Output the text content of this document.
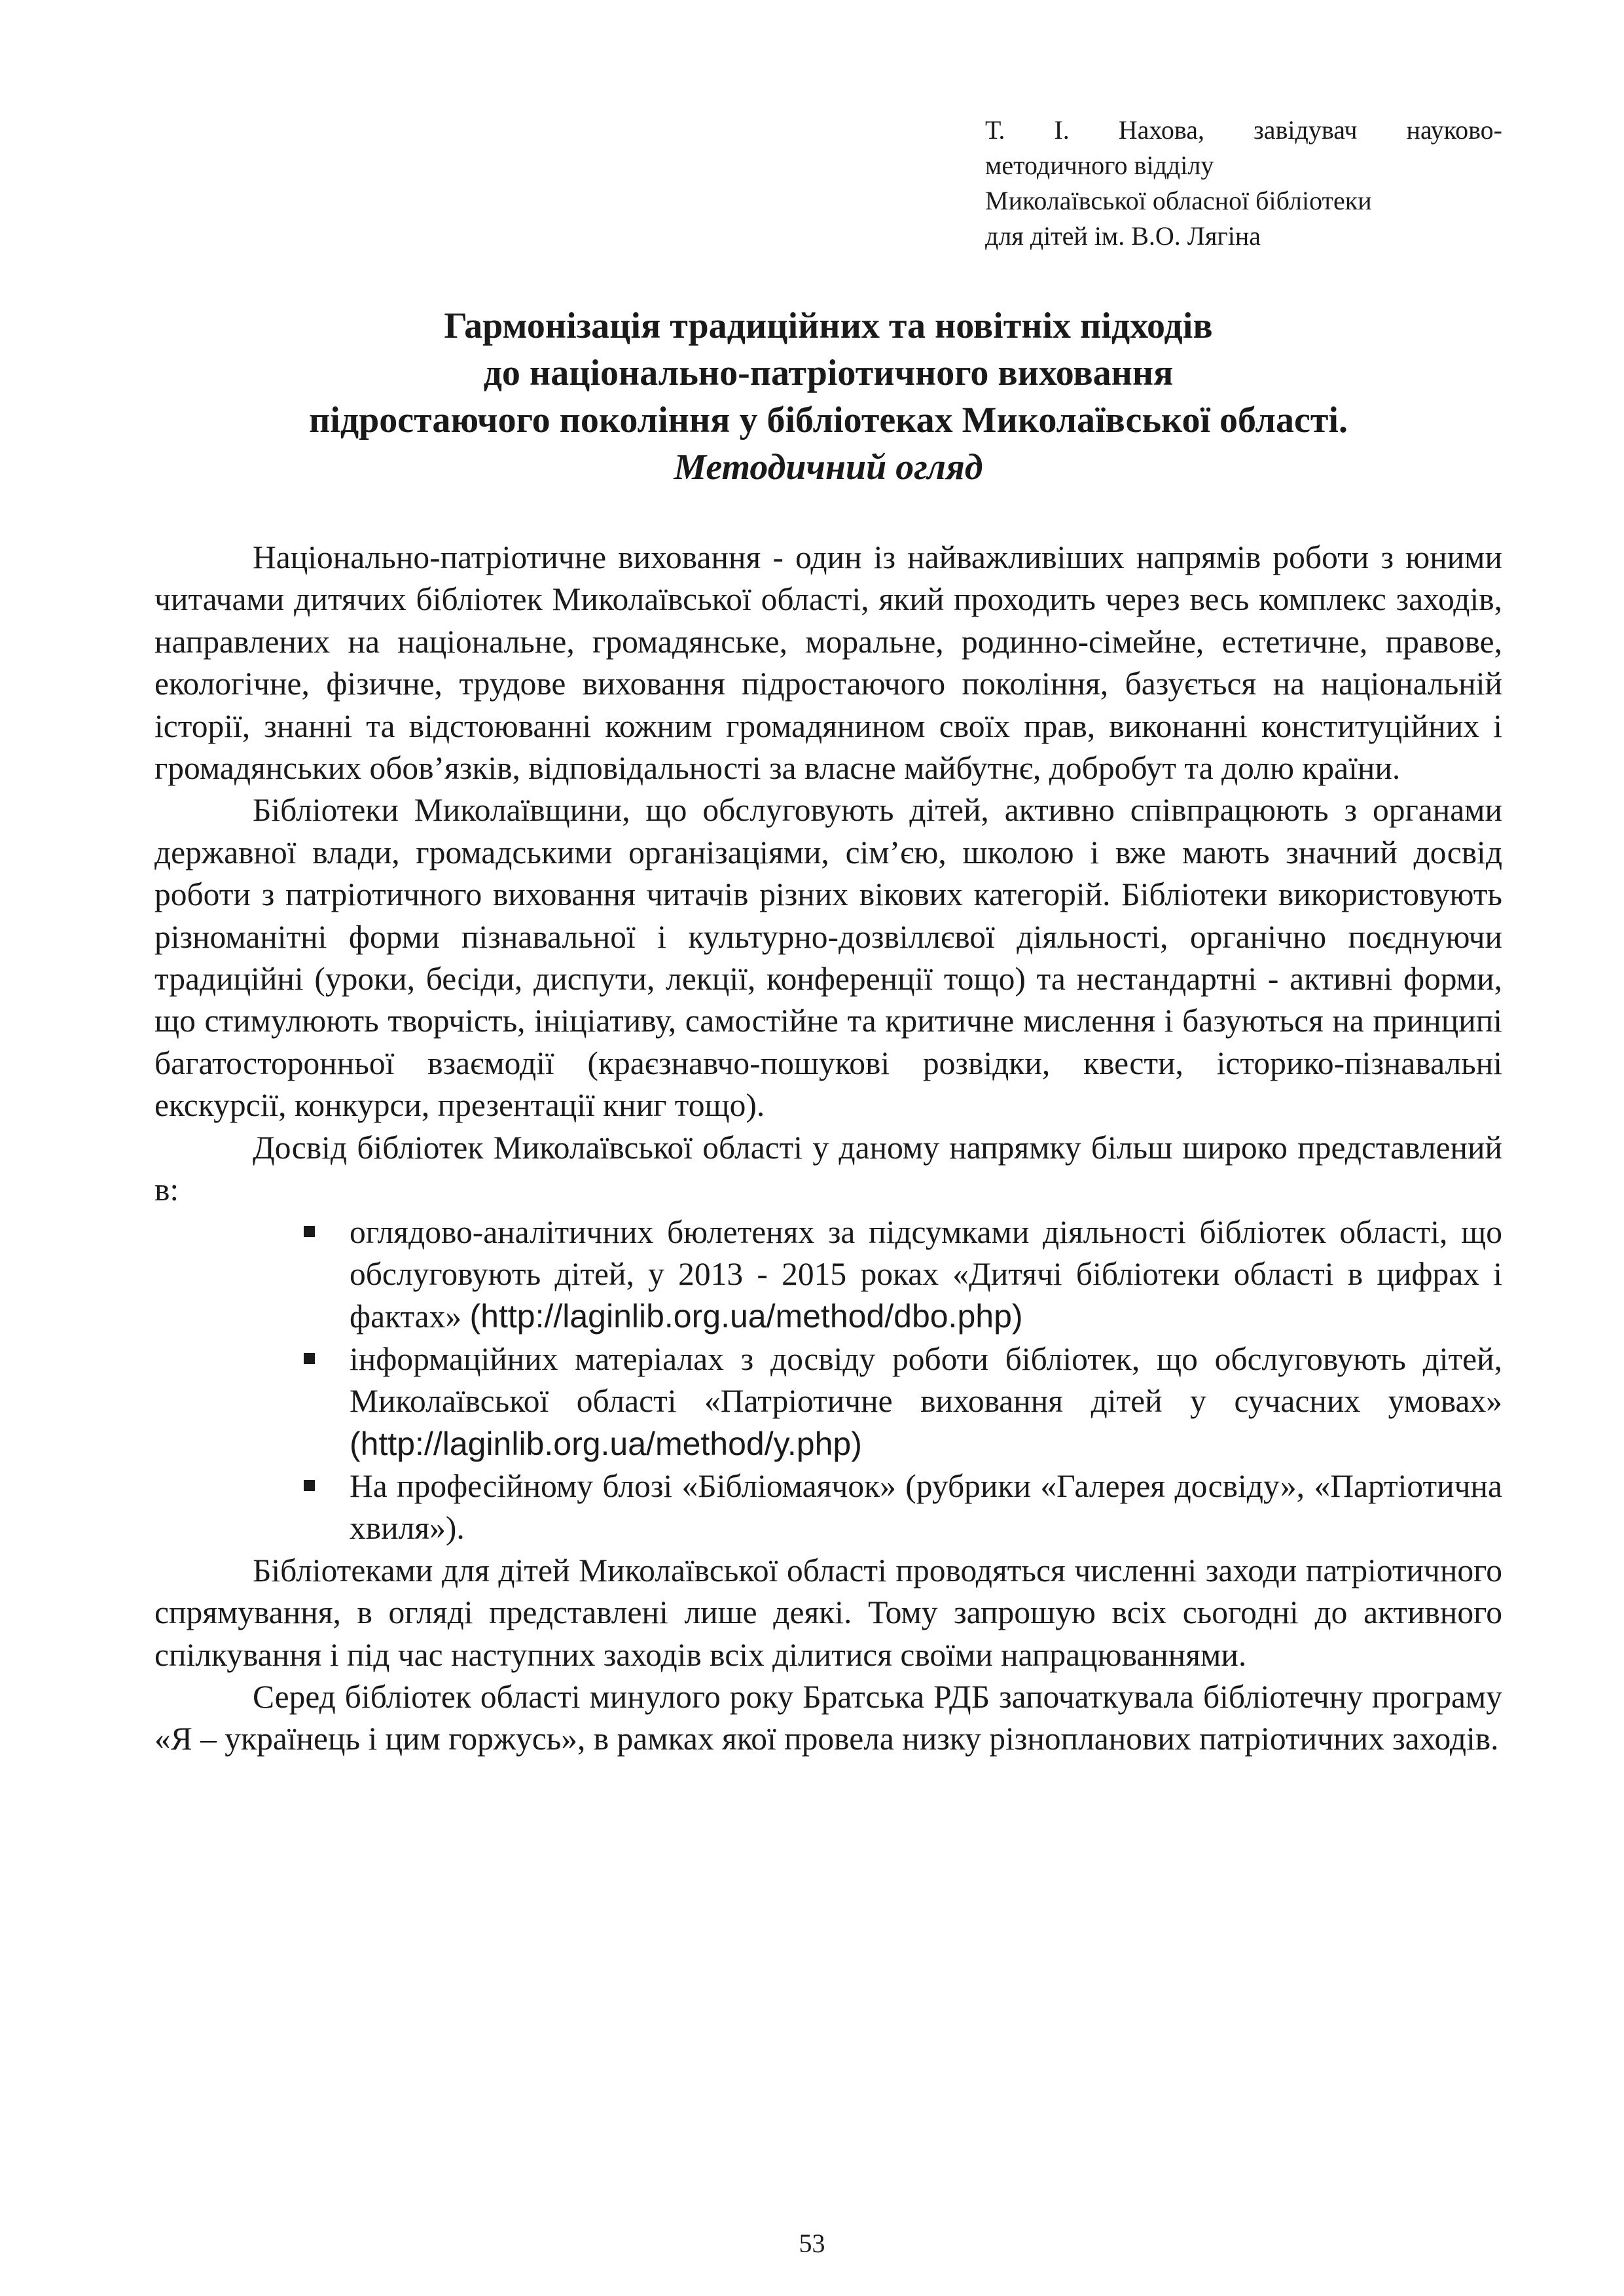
Т. І. Нахова, завідувач науково-

методичного відділу

Миколаївської обласної бібліотеки

для дітей ім. В.О. Лягіна

Гармонізація традиційних та новітніх підходів

до національно-патріотичного виховання

підростаючого покоління у бібліотеках Миколаївської області.

Методичний огляд

Національно-патріотичне виховання - один із найважливіших напрямів роботи з юними читачами дитячих бібліотек Миколаївської області, який проходить через весь комплекс заходів, направлених на національне, громадянське, моральне, родинно-сімейне, естетичне, правове, екологічне, фізичне, трудове виховання підростаючого покоління, базується на національній історії, знанні та відстоюванні кожним громадянином своїх прав, виконанні конституційних і громадянських обов’язків, відповідальності за власне майбутнє, добробут та долю країни.

Бібліотеки Миколаївщини, що обслуговують дітей, активно співпрацюють з органами державної влади, громадськими організаціями, сім’єю, школою і вже мають значний досвід роботи з патріотичного виховання читачів різних вікових категорій. Бібліотеки використовують різноманітні форми пізнавальної і культурно-дозвіллєвої діяльності, органічно поєднуючи традиційні (уроки, бесіди, диспути, лекції, конференції тощо) та нестандартні - активні форми, що стимулюють творчість, ініціативу, самостійне та критичне мислення і базуються на принципі багатосторонньої взаємодії (краєзнавчо-пошукові розвідки, квести, історико-пізнавальні екскурсії, конкурси, презентації книг тощо).

Досвід бібліотек Миколаївської області у даному напрямку більш широко представлений в:

оглядово-аналітичних бюлетенях за підсумками діяльності бібліотек області, що обслуговують дітей, у 2013 - 2015 роках «Дитячі бібліотеки області в цифрах і фактах» (http://laginlib.org.ua/method/dbo.php)
інформаційних матеріалах з досвіду роботи бібліотек, що обслуговують дітей, Миколаївської області «Патріотичне виховання дітей у сучасних умовах» (http://laginlib.org.ua/method/y.php)
На професійному блозі «Бібліомаячок» (рубрики «Галерея досвіду», «Партіотична хвиля»).

Бібліотеками для дітей Миколаївської області проводяться численні заходи патріотичного спрямування, в огляді представлені лише деякі. Тому запрошую всіх сьогодні до активного спілкування і під час наступних заходів всіх ділитися своїми напрацюваннями.

Серед бібліотек області минулого року Братська РДБ започаткувала бібліотечну програму «Я – українець і цим горжусь», в рамках якої провела низку різнопланових патріотичних заходів.

53
